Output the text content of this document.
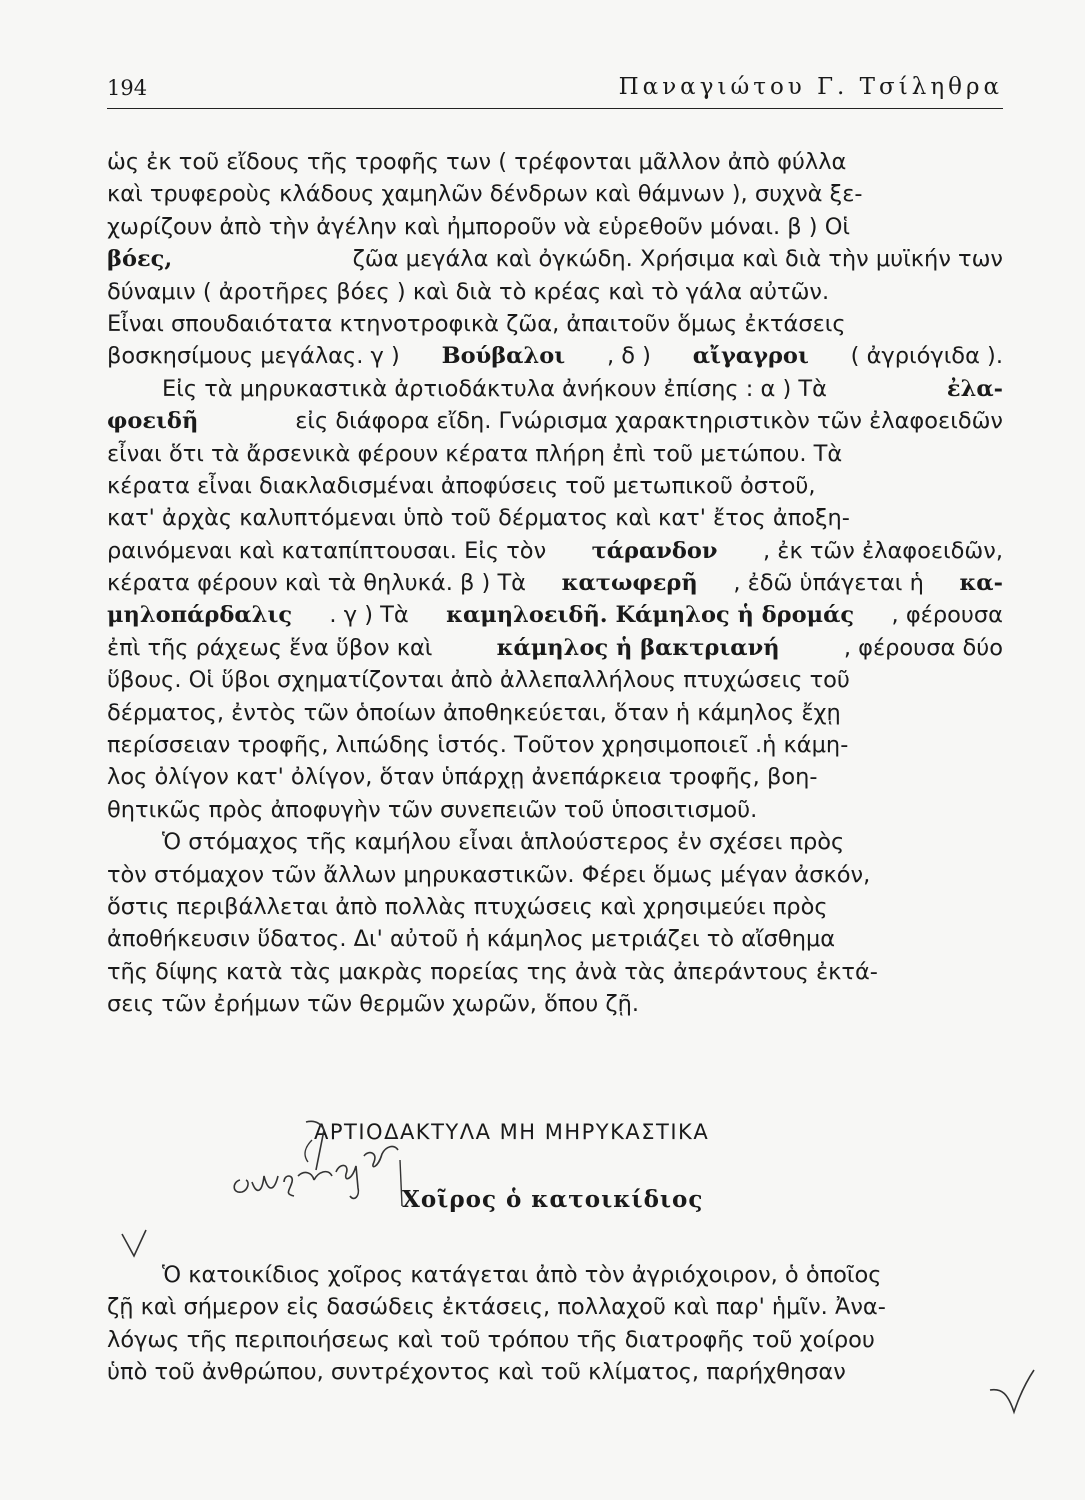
194	Παναγιώτου Γ. Τσίληθρα
ὡς ἐκ τοῦ εἴδους τῆς τροφῆς των ( τρέφονται μᾶλλον ἀπὸ φύλλα
καὶ τρυφεροὺς κλάδους χαμηλῶν δένδρων καὶ θάμνων ), συχνὰ ξε-
χωρίζουν ἀπὸ τὴν ἀγέλην καὶ ἠμποροῦν νὰ εὑρεθοῦν μόναι. β ) Οἱ
βόες,	ζῶα μεγάλα καὶ ὀγκώδη. Χρήσιμα καὶ διὰ τὴν μυϊκήν των
δύναμιν ( ἀροτῆρες βόες ) καὶ διὰ τὸ κρέας καὶ τὸ γάλα αὐτῶν.
Εἶναι σπουδαιότατα κτηνοτροφικὰ ζῶα, ἀπαιτοῦν ὅμως ἐκτάσεις
βοσκησίμους μεγάλας. γ ) Βούβαλοι , δ ) αἴγαγροι ( ἀγριόγιδα ).
Εἰς τὰ μηρυκαστικὰ ἀρτιοδάκτυλα ἀνήκουν ἐπίσης : α ) Τὰ	ἐλα-
φοειδῆ	εἰς διάφορα εἴδη. Γνώρισμα χαρακτηριστικὸν τῶν ἐλαφοειδῶν
εἶναι ὅτι τὰ ἄρσενικὰ φέρουν κέρατα πλήρη ἐπὶ τοῦ μετώπου. Τὰ
κέρατα εἶναι διακλαδισμέναι ἀποφύσεις τοῦ μετωπικοῦ ὀστοῦ,
κατ' ἀρχὰς καλυπτόμεναι ὑπὸ τοῦ δέρματος καὶ κατ' ἔτος ἀποξη-
ραινόμεναι καὶ καταπίπτουσαι. Εἰς τὸν τάρανδον , ἐκ τῶν ἐλαφοειδῶν,
κέρατα φέρουν καὶ τὰ θηλυκά. β ) Τὰ κατωφερῆ , ἐδῶ ὑπάγεται ἡ κα-
μηλοπάρδαλις . γ ) Τὰ καμηλοειδῆ. Κάμηλος ἡ δρομάς , φέρουσα
ἐπὶ τῆς ράχεως ἕνα ὕβον καὶ	κάμηλος ἡ βακτριανή	, φέρουσα δύο
ὕβους. Οἱ ὕβοι σχηματίζονται ἀπὸ ἀλλεπαλλήλους πτυχώσεις τοῦ
δέρματος, ἐντὸς τῶν ὁποίων ἀποθηκεύεται, ὅταν ἡ κάμηλος ἔχῃ
περίσσειαν τροφῆς, λιπώδης ἱστός. Τοῦτον χρησιμοποιεῖ .ἡ κάμη-
λος ὀλίγον κατ' ὀλίγον, ὅταν ὑπάρχῃ ἀνεπάρκεια τροφῆς, βοη-
θητικῶς πρὸς ἀποφυγὴν τῶν συνεπειῶν τοῦ ὑποσιτισμοῦ.
Ὁ στόμαχος τῆς καμήλου εἶναι ἁπλούστερος ἐν σχέσει πρὸς
τὸν στόμαχον τῶν ἄλλων μηρυκαστικῶν. Φέρει ὅμως μέγαν ἀσκόν,
ὅστις περιβάλλεται ἀπὸ πολλὰς πτυχώσεις καὶ χρησιμεύει πρὸς
ἀποθήκευσιν ὕδατος. Δι' αὐτοῦ ἡ κάμηλος μετριάζει τὸ αἴσθημα
τῆς δίψης κατὰ τὰς μακρὰς πορείας της ἀνὰ τὰς ἀπεράντους ἐκτά-
σεις τῶν ἐρήμων τῶν θερμῶν χωρῶν, ὅπου ζῇ.
ΑΡΤΙΟΔΑΚΤΥΛΑ ΜΗ ΜΗΡΥΚΑΣΤΙΚΑ
Χοῖρος ὁ κατοικίδιος
Ὁ κατοικίδιος χοῖρος κατάγεται ἀπὸ τὸν ἀγριόχοιρον, ὁ ὁποῖος
ζῇ καὶ σήμερον εἰς δασώδεις ἐκτάσεις, πολλαχοῦ καὶ παρ' ἡμῖν. Ἀνα-
λόγως τῆς περιποιήσεως καὶ τοῦ τρόπου τῆς διατροφῆς τοῦ χοίρου
ὑπὸ τοῦ ἀνθρώπου, συντρέχοντος καὶ τοῦ κλίματος, παρήχθησαν
